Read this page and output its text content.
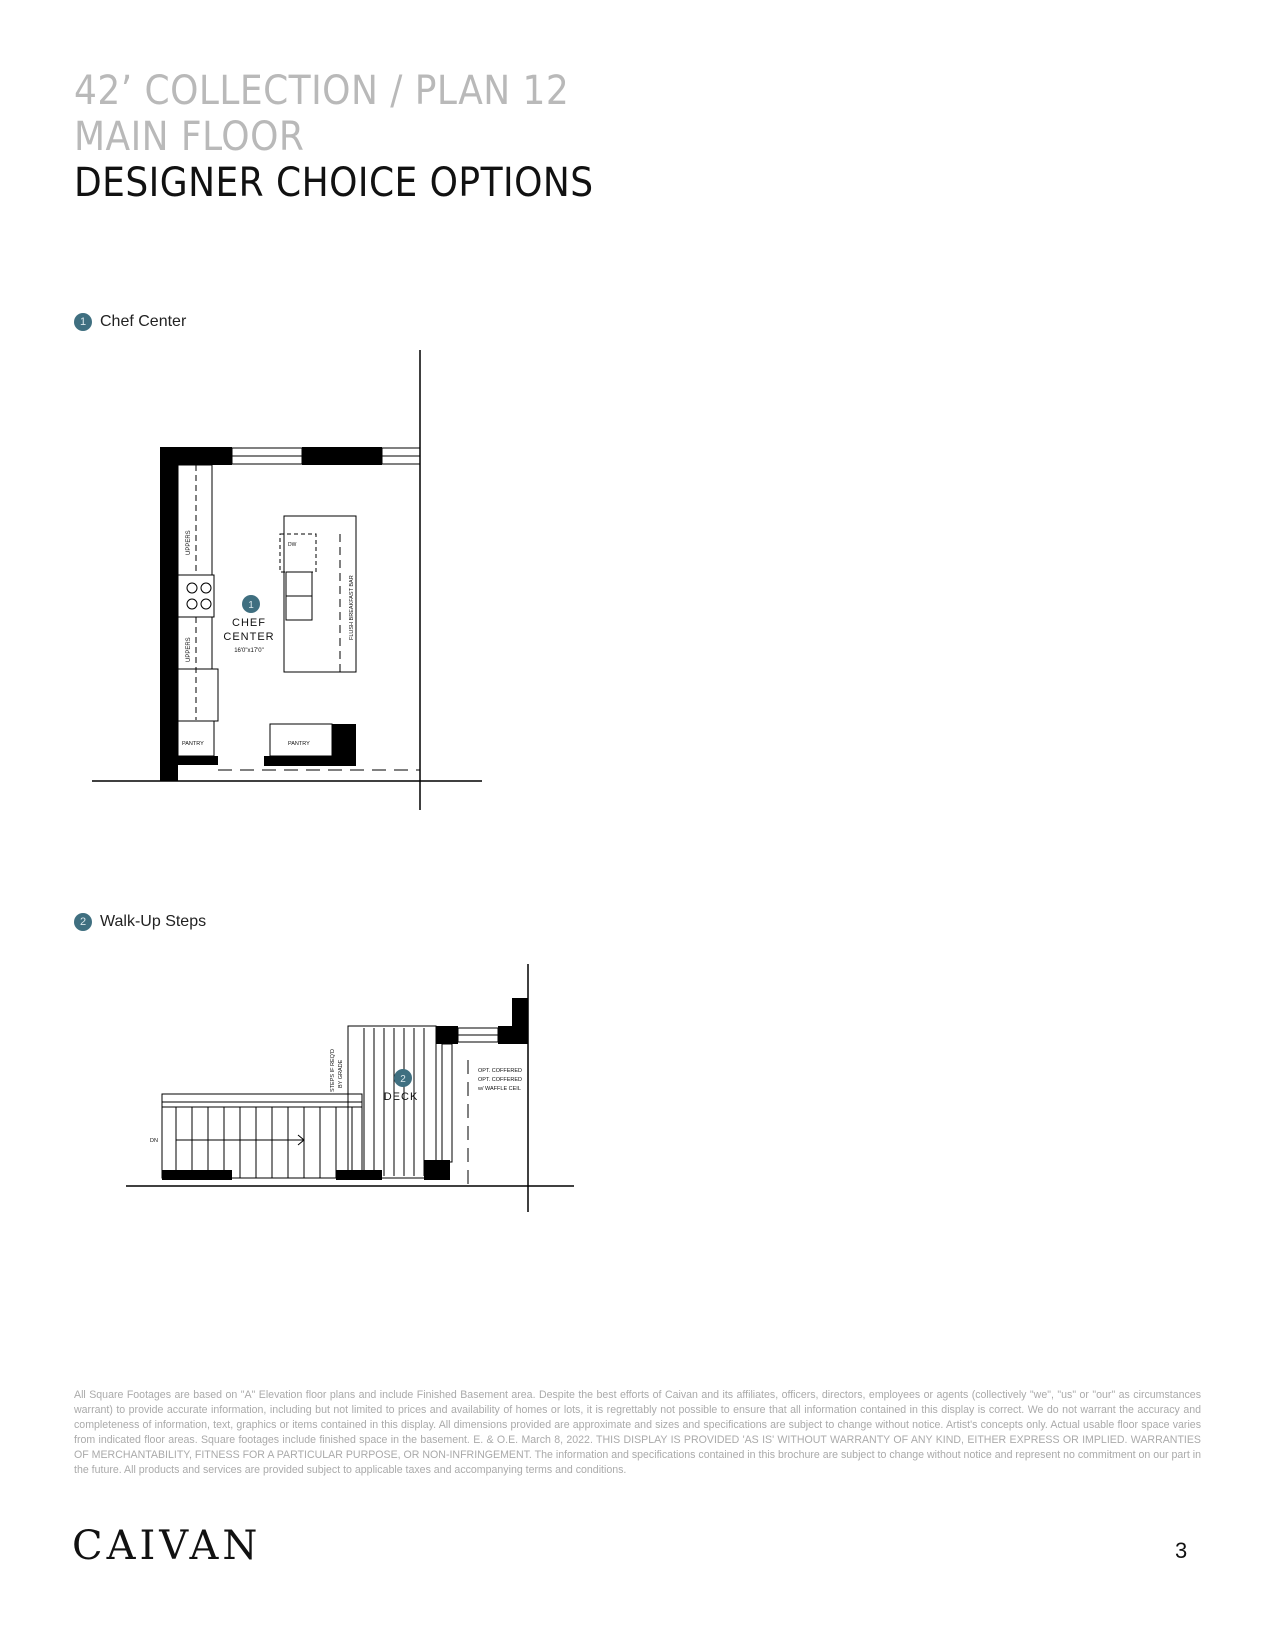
42’ COLLECTION / PLAN 12
MAIN FLOOR
DESIGNER CHOICE OPTIONS
1 Chef Center
1
CHEF
CENTER
16'0"x17'0"
UPPERS
UPPERS
DW
FLUSH BREAKFAST BAR
PANTRY	PANTRY
2 Walk-Up Steps
2
DECK
STEPS IF REQ'D BY GRADE
DN
OPT. COFFERED
OPT. COFFERED
w/ WAFFLE CEIL

All Square Footages are based on "A" Elevation floor plans and include Finished Basement area. Despite the best efforts of Caivan and its affiliates, officers, directors, employees or agents (collectively "we", "us" or "our" as circumstances warrant) to provide accurate information, including but not limited to prices and availability of homes or lots, it is regrettably not possible to ensure that all information contained in this display is correct. We do not warrant the accuracy and completeness of information, text, graphics or items contained in this display. All dimensions provided are approximate and sizes and specifications are subject to change without notice. Artist's concepts only. Actual usable floor space varies from indicated floor areas. Square footages include finished space in the basement. E. & O.E. March 8, 2022. THIS DISPLAY IS PROVIDED 'AS IS' WITHOUT WARRANTY OF ANY KIND, EITHER EXPRESS OR IMPLIED. WARRANTIES OF MERCHANTABILITY, FITNESS FOR A PARTICULAR PURPOSE, OR NON-INFRINGEMENT. The information and specifications contained in this brochure are subject to change without notice and represent no commitment on our part in the future. All products and services are provided subject to applicable taxes and accompanying terms and conditions.

CAIVAN	3
